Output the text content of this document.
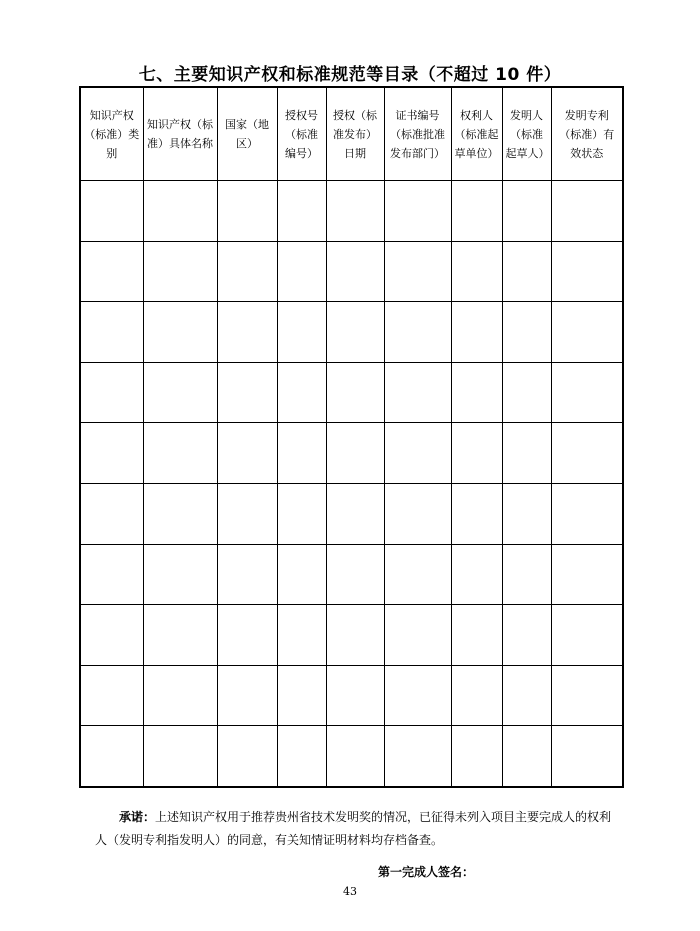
七、主要知识产权和标准规范等目录（不超过 10 件）
知识产权（标准）类别	知识产权（标准）具体名称	国家（地区）	授权号（标准编号）	授权（标准发布）日期	证书编号（标准批准发布部门）	权利人（标准起草单位）	发明人（标准起草人）	发明专利（标准）有效状态

承诺：上述知识产权用于推荐贵州省技术发明奖的情况，已征得未列入项目主要完成人的权利人（发明专利指发明人）的同意，有关知情证明材料均存档备查。
第一完成人签名：
43
